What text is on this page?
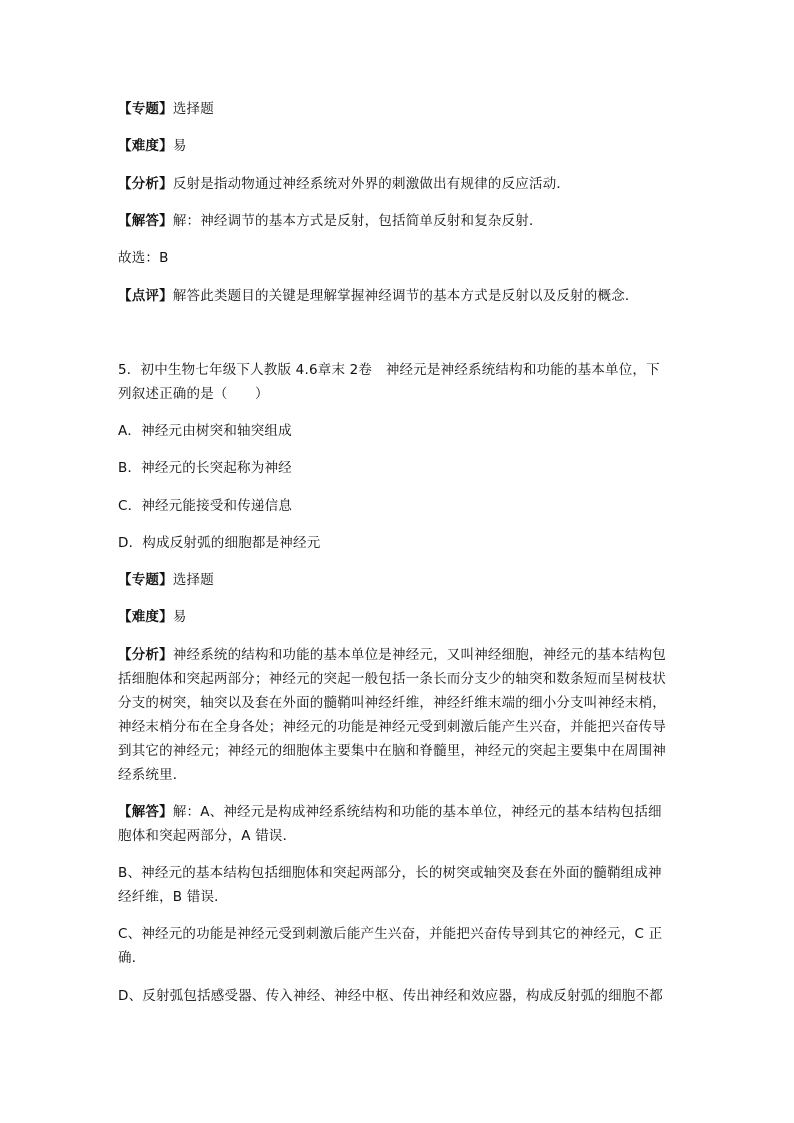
【专题】选择题
【难度】易
【分析】反射是指动物通过神经系统对外界的刺激做出有规律的反应活动．
【解答】解：神经调节的基本方式是反射，包括简单反射和复杂反射．
故选：B
【点评】解答此类题目的关键是理解掌握神经调节的基本方式是反射以及反射的概念．
5．初中生物七年级下人教版 4.6章末 2卷　神经元是神经系统结构和功能的基本单位，下
列叙述正确的是（　　）
A．神经元由树突和轴突组成
B．神经元的长突起称为神经
C．神经元能接受和传递信息
D．构成反射弧的细胞都是神经元
【专题】选择题
【难度】易
【分析】神经系统的结构和功能的基本单位是神经元，又叫神经细胞，神经元的基本结构包
括细胞体和突起两部分；神经元的突起一般包括一条长而分支少的轴突和数条短而呈树枝状
分支的树突，轴突以及套在外面的髓鞘叫神经纤维，神经纤维末端的细小分支叫神经末梢，
神经末梢分布在全身各处；神经元的功能是神经元受到刺激后能产生兴奋，并能把兴奋传导
到其它的神经元；神经元的细胞体主要集中在脑和脊髓里，神经元的突起主要集中在周围神
经系统里．
【解答】解：A、神经元是构成神经系统结构和功能的基本单位，神经元的基本结构包括细
胞体和突起两部分，A 错误．
B、神经元的基本结构包括细胞体和突起两部分，长的树突或轴突及套在外面的髓鞘组成神
经纤维，B 错误．
C、神经元的功能是神经元受到刺激后能产生兴奋，并能把兴奋传导到其它的神经元，C 正
确．
D、反射弧包括感受器、传入神经、神经中枢、传出神经和效应器，构成反射弧的细胞不都
